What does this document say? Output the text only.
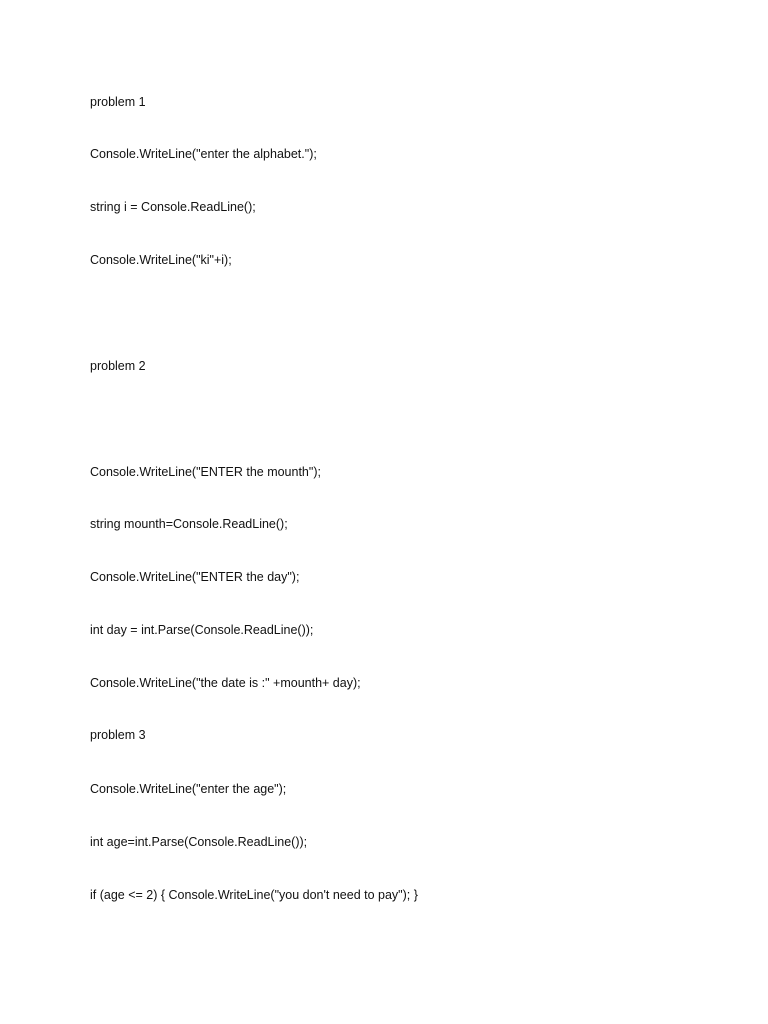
problem 1
Console.WriteLine("enter the alphabet.");
string i = Console.ReadLine();
Console.WriteLine("ki"+i);
problem 2
Console.WriteLine("ENTER the mounth");
string mounth=Console.ReadLine();
Console.WriteLine("ENTER the day");
int day = int.Parse(Console.ReadLine());
Console.WriteLine("the date is :" +mounth+ day);
problem 3
Console.WriteLine("enter the age");
int age=int.Parse(Console.ReadLine());
if (age <= 2) { Console.WriteLine("you don't need to pay"); }
